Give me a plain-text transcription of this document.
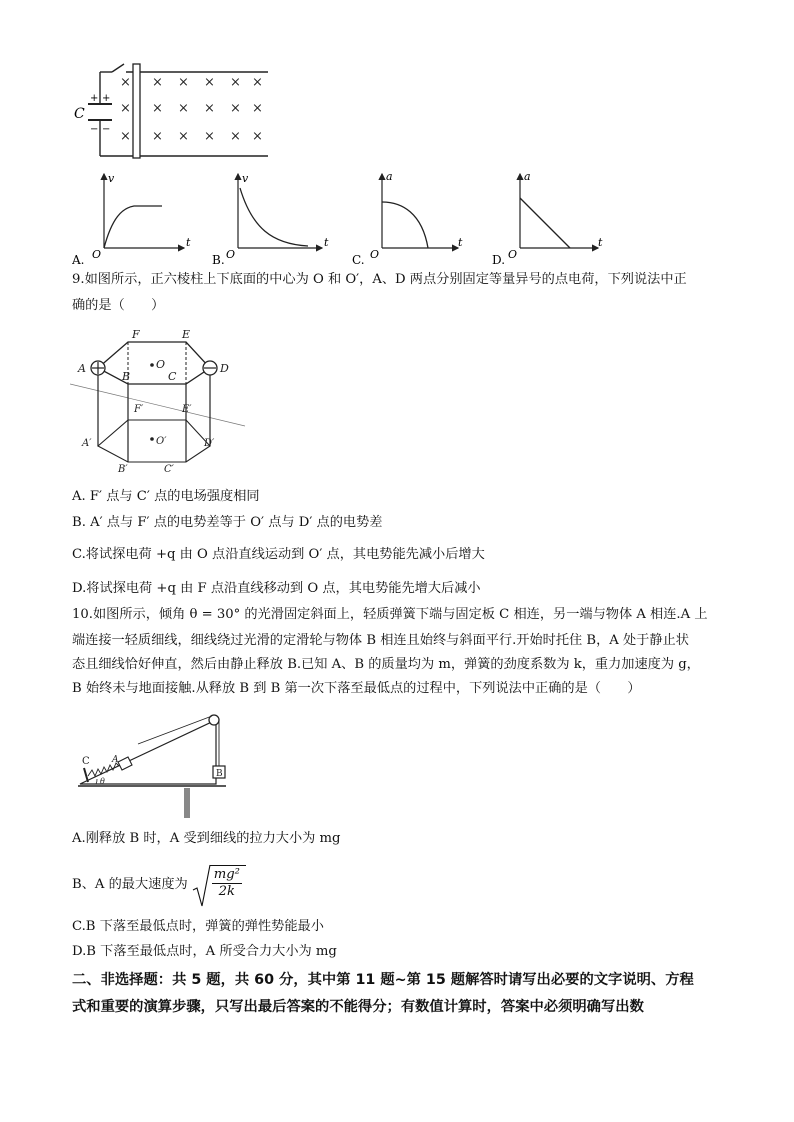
C
+ +
− −
×
×
×
× × × × ×
× × × × ×
× × × × ×
A.
v
t
O	B.
v
t
O	C.
a
t
O	D.
a
t
O
9.如图所示，正六棱柱上下底面的中心为 O 和 O′，A、D 两点分别固定等量异号的点电荷，下列说法中正
确的是（　　）
F	E
A	D
B	C
O
F′	E′
A′	D′
B′	C′
O′
A. F′ 点与 C′ 点的电场强度相同
B. A′ 点与 F′ 点的电势差等于 O′ 点与 D′ 点的电势差
C.将试探电荷 +q 由 O 点沿直线运动到 O′ 点，其电势能先减小后增大
D.将试探电荷 +q 由 F 点沿直线移动到 O 点，其电势能先增大后减小
10.如图所示，倾角 θ = 30° 的光滑固定斜面上，轻质弹簧下端与固定板 C 相连，另一端与物体 A 相连.A 上
端连接一轻质细线，细线绕过光滑的定滑轮与物体 B 相连且始终与斜面平行.开始时托住 B，A 处于静止状
态且细线恰好伸直，然后由静止释放 B.已知 A、B 的质量均为 m，弹簧的劲度系数为 k，重力加速度为 g，
B 始终未与地面接触.从释放 B 到 B 第一次下落至最低点的过程中，下列说法中正确的是（　　）
C A
B
θ
A.刚释放 B 时，A 受到细线的拉力大小为 mg
B、A 的最大速度为 $\frac{\text{mg²}}{2k}$
C.B 下落至最低点时，弹簧的弹性势能最小
D.B 下落至最低点时，A 所受合力大小为 mg
二、非选择题：共 5 题，共 60 分，其中第 11 题~第 15 题解答时请写出必要的文字说明、方程
式和重要的演算步骤，只写出最后答案的不能得分；有数值计算时，答案中必须明确写出数
